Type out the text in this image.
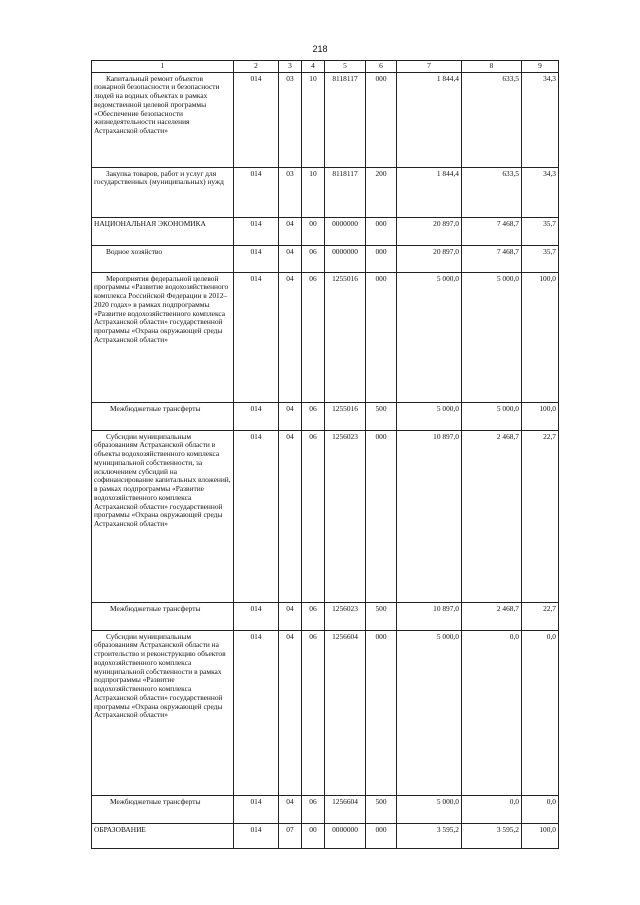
218
1	2	3	4	5	6	7	8	9
Капитальный ремонт объектов пожарной безопасности и безопасности людей на водных объектах в рамках ведомственной целевой программы «Обеспечение безопасности жизнедеятельности населения Астраханской области»	014	03	10	8118117	000	1 844,4	633,5	34,3
Закупка товаров, работ и услуг для государственных (муниципальных) нужд	014	03	10	8118117	200	1 844,4	633,5	34,3
НАЦИОНАЛЬНАЯ ЭКОНОМИКА	014	04	00	0000000	000	20 897,0	7 468,7	35,7
Водное хозяйство	014	04	06	0000000	000	20 897,0	7 468,7	35,7
Мероприятия федеральной целевой программы «Развитие водохозяйственного комплекса Российской Федерации в 2012–2020 годах» в рамках подпрограммы «Развитие водохозяйственного комплекса Астраханской области» государственной программы «Охрана окружающей среды Астраханской области»	014	04	06	1255016	000	5 000,0	5 000,0	100,0
Межбюджетные трансферты	014	04	06	1255016	500	5 000,0	5 000,0	100,0
Субсидии муниципальным образованиям Астраханской области в объекты водохозяйственного комплекса муниципальной собственности, за исключением субсидий на софинансирование капитальных вложений, в рамках подпрограммы «Развитие водохозяйственного комплекса Астраханской области» государственной программы «Охрана окружающей среды Астраханской области»	014	04	06	1256023	000	10 897,0	2 468,7	22,7
Межбюджетные трансферты	014	04	06	1256023	500	10 897,0	2 468,7	22,7
Субсидии муниципальным образованиям Астраханской области на строительство и реконструкцию объектов водохозяйственного комплекса муниципальной собственности в рамках подпрограммы «Развитие водохозяйственного комплекса Астраханской области» государственной программы «Охрана окружающей среды Астраханской области»	014	04	06	1256604	000	5 000,0	0,0	0,0
Межбюджетные трансферты	014	04	06	1256604	500	5 000,0	0,0	0,0
ОБРАЗОВАНИЕ	014	07	00	0000000	000	3 595,2	3 595,2	100,0
